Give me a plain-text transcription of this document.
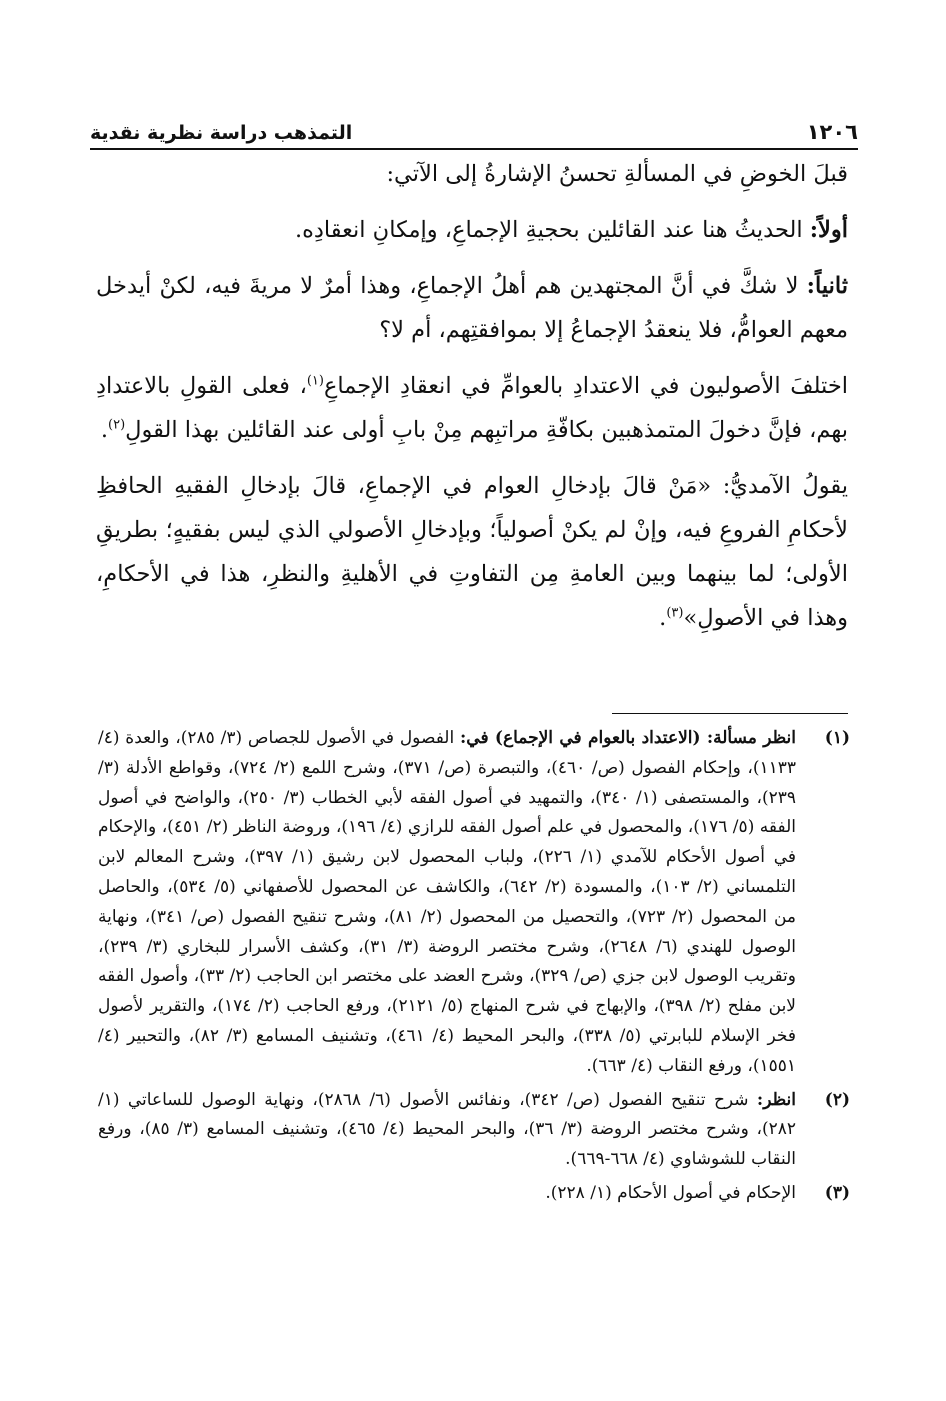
١٢٠٦
التمذهب دراسة نظرية نقدية

قبلَ الخوضِ في المسألةِ تحسنُ الإشارةُ إلى الآتي:

أولاً: الحديثُ هنا عند القائلين بحجيةِ الإجماعِ، وإمكانِ انعقادِه.

ثانياً: لا شكَّ في أنَّ المجتهدين هم أهلُ الإجماعِ، وهذا أمرٌ لا مريةَ فيه، لكنْ أيدخل معهم العوامُّ، فلا ينعقدُ الإجماعُ إلا بموافقتِهم، أم لا؟

اختلفَ الأصوليون في الاعتدادِ بالعوامِّ في انعقادِ الإجماعِ$^{(١)}$، فعلى القولِ بالاعتدادِ بهم، فإنَّ دخولَ المتمذهبين بكافّةِ مراتبِهم مِنْ بابِ أولى عند القائلين بهذا القولِ$^{(٢)}$.

يقولُ الآمديُّ: «مَنْ قالَ بإدخالِ العوام في الإجماعِ، قالَ بإدخالِ الفقيهِ الحافظِ لأحكامِ الفروعِ فيه، وإنْ لم يكنْ أصولياً؛ وبإدخالِ الأصولي الذي ليس بفقيهٍ؛ بطريقِ الأولى؛ لما بينهما وبين العامةِ مِن التفاوتِ في الأهليةِ والنظرِ، هذا في الأحكامِ، وهذا في الأصولِ»$^{(٣)}$.

(١)
انظر مسألة: (الاعتداد بالعوام في الإجماع) في: الفصول في الأصول للجصاص (٣/ ٢٨٥)، والعدة (٤/ ١١٣٣)، وإحكام الفصول (ص/ ٤٦٠)، والتبصرة (ص/ ٣٧١)، وشرح اللمع (٢/ ٧٢٤)، وقواطع الأدلة (٣/ ٢٣٩)، والمستصفى (١/ ٣٤٠)، والتمهيد في أصول الفقه لأبي الخطاب (٣/ ٢٥٠)، والواضح في أصول الفقه (٥/ ١٧٦)، والمحصول في علم أصول الفقه للرازي (٤/ ١٩٦)، وروضة الناظر (٢/ ٤٥١)، والإحكام في أصول الأحكام للآمدي (١/ ٢٢٦)، ولباب المحصول لابن رشيق (١/ ٣٩٧)، وشرح المعالم لابن التلمساني (٢/ ١٠٣)، والمسودة (٢/ ٦٤٢)، والكاشف عن المحصول للأصفهاني (٥/ ٥٣٤)، والحاصل من المحصول (٢/ ٧٢٣)، والتحصيل من المحصول (٢/ ٨١)، وشرح تنقيح الفصول (ص/ ٣٤١)، ونهاية الوصول للهندي (٦/ ٢٦٤٨)، وشرح مختصر الروضة (٣/ ٣١)، وكشف الأسرار للبخاري (٣/ ٢٣٩)، وتقريب الوصول لابن جزي (ص/ ٣٢٩)، وشرح العضد على مختصر ابن الحاجب (٢/ ٣٣)، وأصول الفقه لابن مفلح (٢/ ٣٩٨)، والإبهاج في شرح المنهاج (٥/ ٢١٢١)، ورفع الحاجب (٢/ ١٧٤)، والتقرير لأصول فخر الإسلام للبابرتي (٥/ ٣٣٨)، والبحر المحيط (٤/ ٤٦١)، وتشنيف المسامع (٣/ ٨٢)، والتحبير (٤/ ١٥٥١)، ورفع النقاب (٤/ ٦٦٣).
(٢)
انظر: شرح تنقيح الفصول (ص/ ٣٤٢)، ونفائس الأصول (٦/ ٢٨٦٨)، ونهاية الوصول للساعاتي (١/ ٢٨٢)، وشرح مختصر الروضة (٣/ ٣٦)، والبحر المحيط (٤/ ٤٦٥)، وتشنيف المسامع (٣/ ٨٥)، ورفع النقاب للشوشاوي (٤/ ٦٦٨-٦٦٩).
(٣)
الإحكام في أصول الأحكام (١/ ٢٢٨).
